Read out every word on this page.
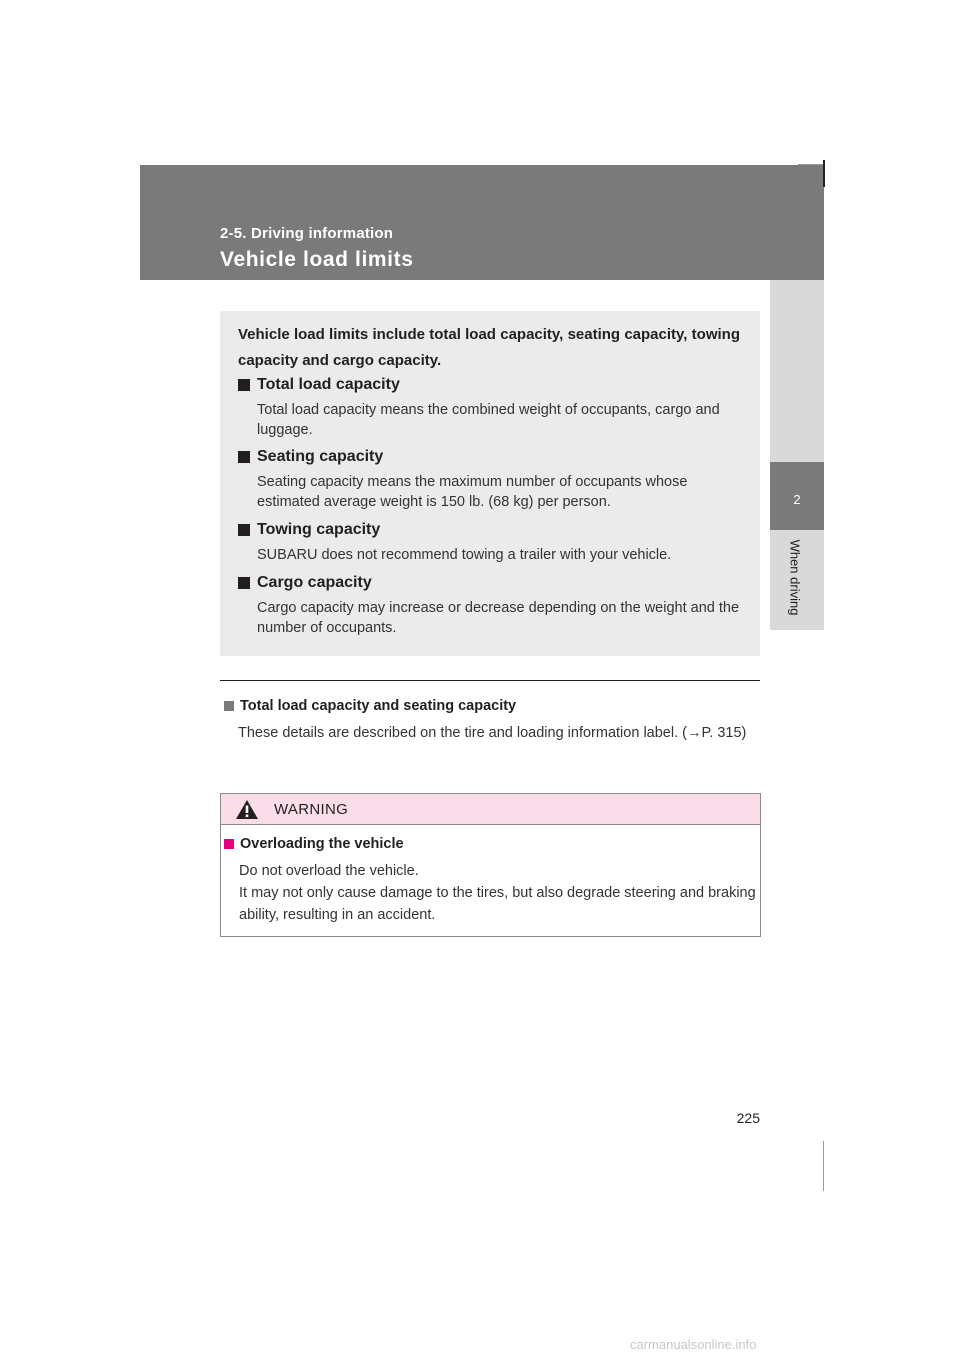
2-5. Driving information
Vehicle load limits
2
When driving
Vehicle load limits include total load capacity, seating capacity, towing capacity and cargo capacity.
Total load capacity
Total load capacity means the combined weight of occupants, cargo and luggage.
Seating capacity
Seating capacity means the maximum number of occupants whose estimated average weight is 150 lb. (68 kg) per person.
Towing capacity
SUBARU does not recommend towing a trailer with your vehicle.
Cargo capacity
Cargo capacity may increase or decrease depending on the weight and the number of occupants.
Total load capacity and seating capacity
These details are described on the tire and loading information label. (→P. 315)
WARNING
Overloading the vehicle
Do not overload the vehicle.
It may not only cause damage to the tires, but also degrade steering and braking ability, resulting in an accident.
225
carmanualsonline.info
